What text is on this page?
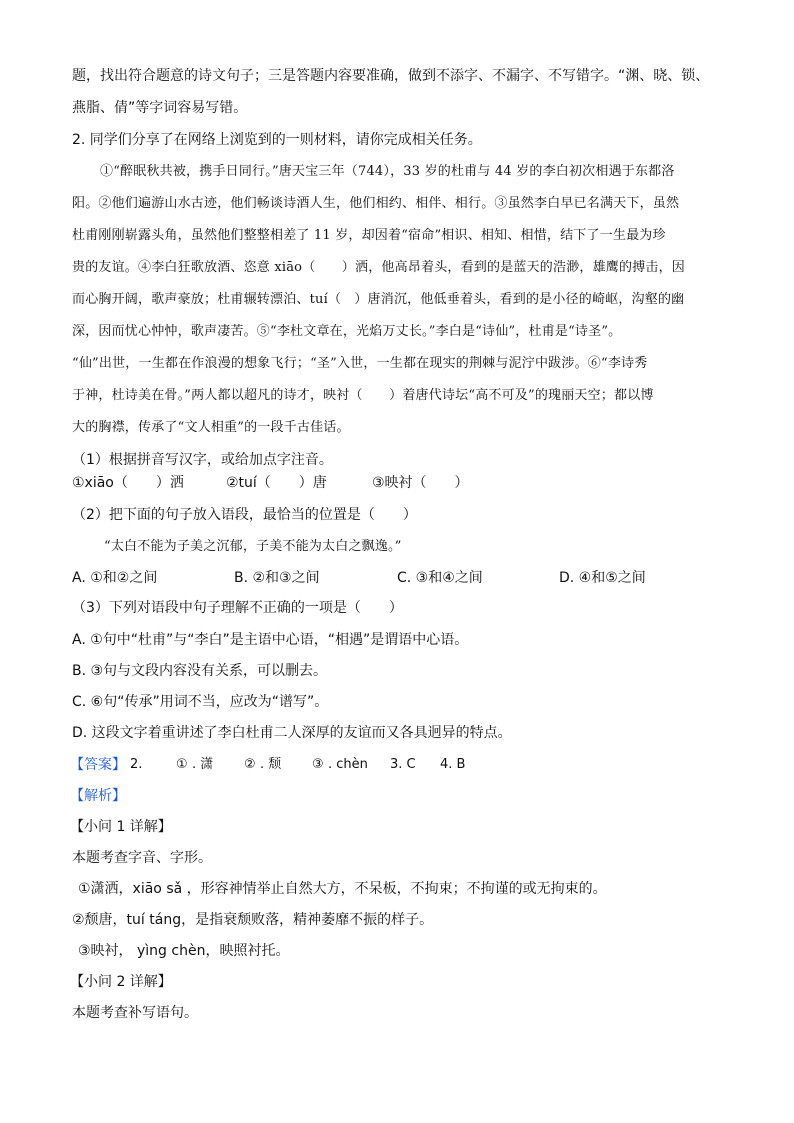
题，找出符合题意的诗文句子；三是答题内容要准确，做到不添字、不漏字、不写错字。“渊、晓、锁、
燕脂、倩”等字词容易写错。
2. 同学们分享了在网络上浏览到的一则材料，请你完成相关任务。
①“醉眠秋共被，携手日同行。”唐天宝三年（744），33 岁的杜甫与 44 岁的李白初次相遇于东都洛
阳。②他们遍游山水古迹，他们畅谈诗酒人生，他们相约、相伴、相行。③虽然李白早已名满天下，虽然
杜甫刚刚崭露头角，虽然他们整整相差了 11 岁，却因着“宿命”相识、相知、相惜，结下了一生最为珍
贵的友谊。④李白狂歌放酒、恣意 xiāo（　　）洒，他高昂着头，看到的是蓝天的浩渺，雄鹰的搏击，因
而心胸开阔，歌声豪放；杜甫辗转漂泊、tuí（　）唐消沉，他低垂着头，看到的是小径的崎岖，沟壑的幽
深，因而忧心忡忡，歌声凄苦。⑤“李杜文章在，光焰万丈长。”李白是“诗仙”，杜甫是“诗圣”。
“仙”出世，一生都在作浪漫的想象飞行；“圣”入世，一生都在现实的荆棘与泥泞中跋涉。⑥“李诗秀
于神，杜诗美在骨。”两人都以超凡的诗才，映衬（　　）着唐代诗坛“高不可及”的瑰丽天空；都以博
大的胸襟，传承了“文人相重”的一段千古佳话。
（1）根据拼音写汉字，或给加点字注音。
①xiāo（　　）洒	②tuí（　　）唐	③映衬（　　）
（2）把下面的句子放入语段，最恰当的位置是（　　）
“太白不能为子美之沉郁，子美不能为太白之飘逸。”
A. ①和②之间	B. ②和③之间	C. ③和④之间	D. ④和⑤之间
（3）下列对语段中句子理解不正确的一项是（　　）
A. ①句中“杜甫”与“李白”是主语中心语，“相遇”是谓语中心语。
B. ③句与文段内容没有关系，可以删去。
C. ⑥句“传承”用词不当，应改为“谱写”。
D. 这段文字着重讲述了李白杜甫二人深厚的友谊而又各具迥异的特点。
【答案】 2.	① . 潇 ② . 颓 ③ . chèn 3. C 4. B
【解析】
【小问 1 详解】
本题考查字音、字形。
①潇洒，xiāo sǎ ，形容神情举止自然大方，不呆板，不拘束；不拘谨的或无拘束的。
②颓唐，tuí táng，是指衰颓败落，精神萎靡不振的样子。
③映衬， yìng chèn，映照衬托。
【小问 2 详解】
本题考查补写语句。
